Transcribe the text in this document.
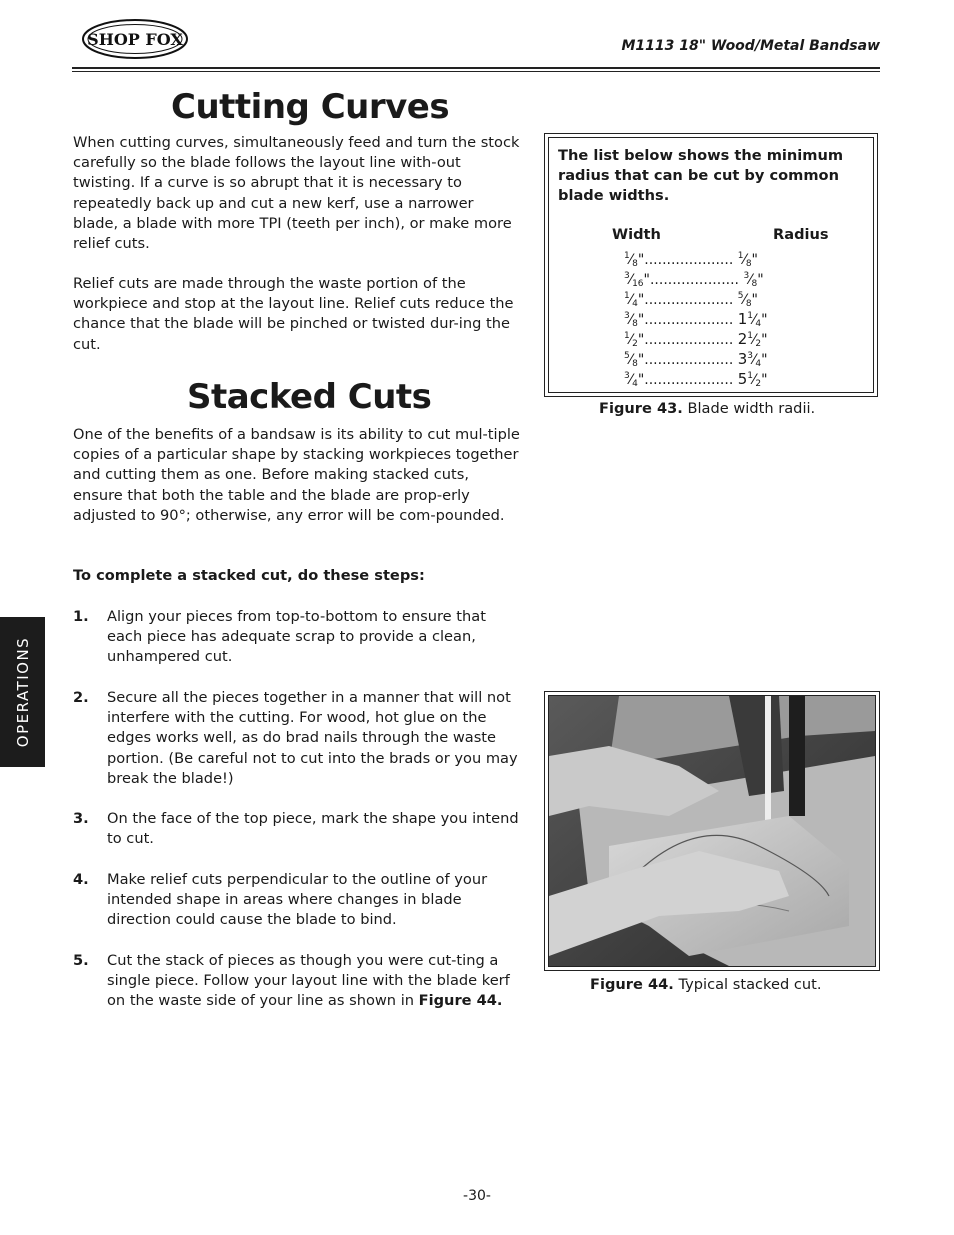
SHOP FOX	M1113 18" Wood/Metal Bandsaw
Cutting Curves

When cutting curves, simultaneously feed and turn the stock carefully so the blade follows the layout line with-out twisting. If a curve is so abrupt that it is necessary to repeatedly back up and cut a new kerf, use a narrower blade, a blade with more TPI (teeth per inch), or make more relief cuts.

Relief cuts are made through the waste portion of the workpiece and stop at the layout line. Relief cuts reduce the chance that the blade will be pinched or twisted dur-ing the cut.

Stacked Cuts

One of the benefits of a bandsaw is its ability to cut mul-tiple copies of a particular shape by stacking workpieces together and cutting them as one. Before making stacked cuts, ensure that both the table and the blade are prop-erly adjusted to 90°; otherwise, any error will be com-pounded.

To complete a stacked cut, do these steps:

1. Align your pieces from top-to-bottom to ensure that each piece has adequate scrap to provide a clean, unhampered cut.
2. Secure all the pieces together in a manner that will not interfere with the cutting. For wood, hot glue on the edges works well, as do brad nails through the waste portion. (Be careful not to cut into the brads or you may break the blade!)
3. On the face of the top piece, mark the shape you intend to cut.
4. Make relief cuts perpendicular to the outline of your intended shape in areas where changes in blade direction could cause the blade to bind.
5. Cut the stack of pieces as though you were cut-ting a single piece. Follow your layout line with the blade kerf on the waste side of your line as shown in Figure 44.
OPERATIONS

The list below shows the minimum radius that can be cut by common blade widths.

Width	Radius
$^1⁄_8$".................... $^1⁄_8$"
$^3⁄_{16}$".................... $^3⁄_8$"
$^1⁄_4$".................... $^5⁄_8$"
$^3⁄_8$".................... $1^1⁄_4$"
$^1⁄_2$".................... $2^1⁄_2$"
$^5⁄_8$".................... $3^3⁄_4$"
$^3⁄_4$".................... $5^1⁄_2$"
Figure 43. Blade width radii.
Figure 44. Typical stacked cut.
-30-
